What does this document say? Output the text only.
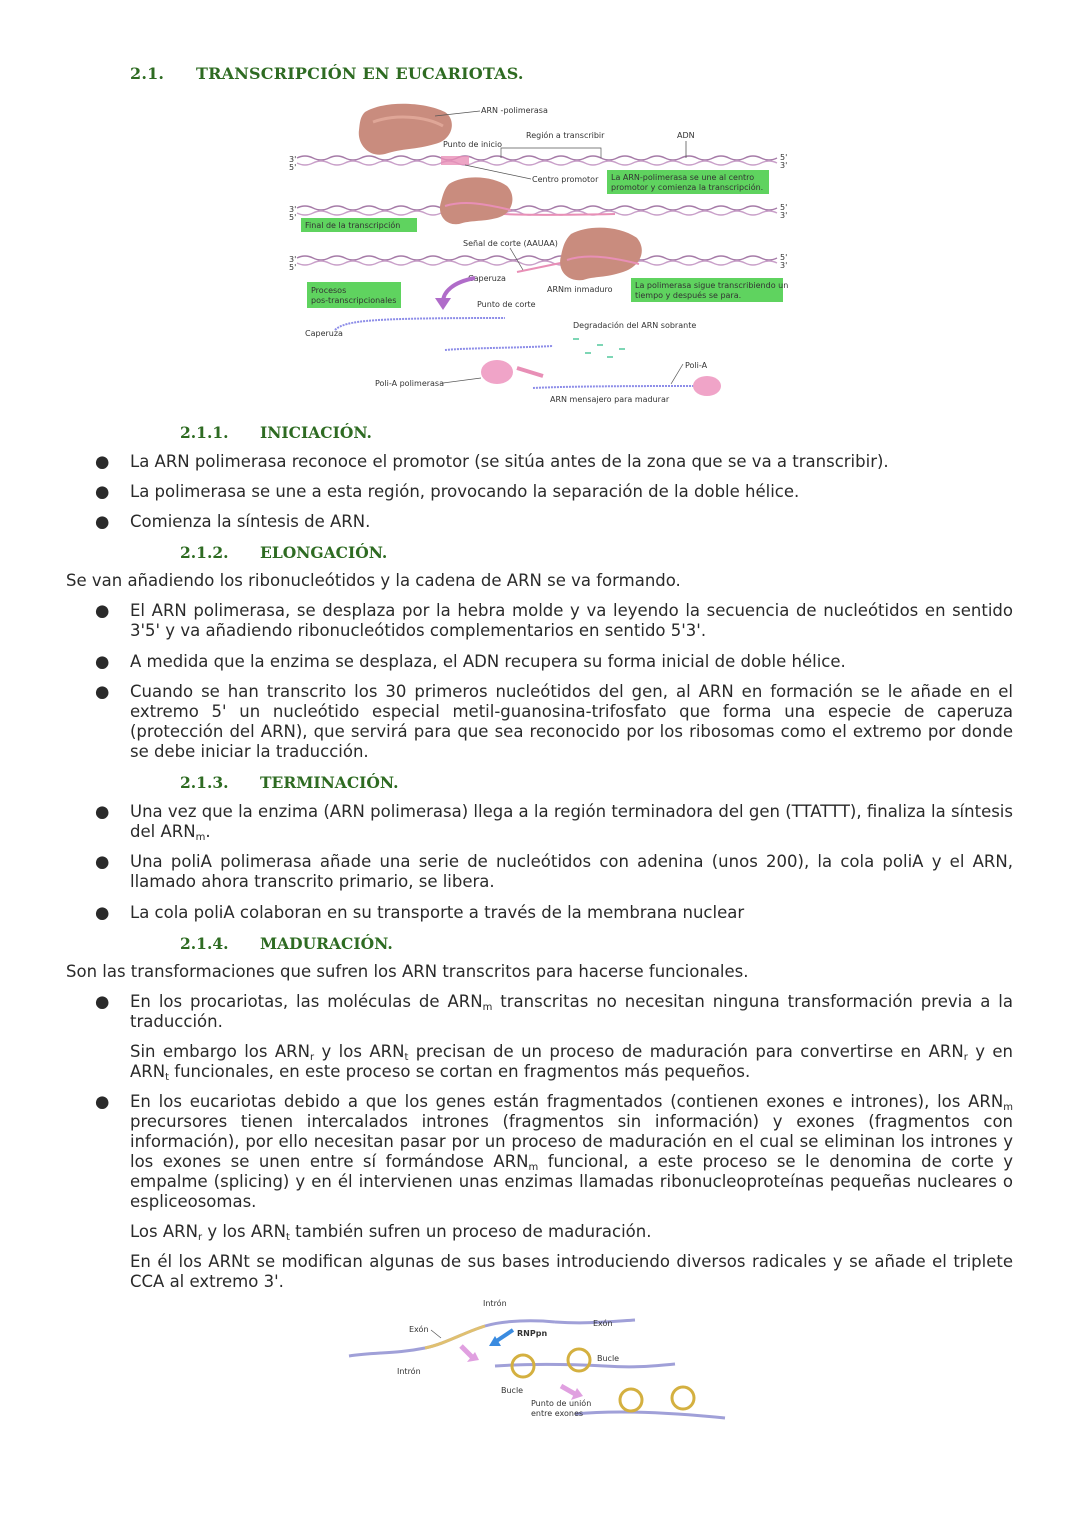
2.1. TRANSCRIPCIÓN EN EUCARIOTAS.
ARN -polimerasa
Punto de inicio
Región a transcribir	ADN
3'
5'
5'
3'
Centro promotor La ARN-polimerasa se une al centro
promotor y comienza la transcripción.
Final de la transcripción
3'
5'
5'
3'
Señal de corte (AAUAA)
Caperuza
ARNm inmaduro	La polimerasa sigue transcribiendo un
tiempo y después se para.
3'
5'
5'
3'
Procesos
pos-transcripcionales	Punto de corte
Caperuza
Degradación del ARN sobrante
Poli-A polimerasa
Poli-A
ARN mensajero para madurar
2.1.1. INICIACIÓN.
●	La ARN polimerasa reconoce el promotor (se sitúa antes de la zona que se va a transcribir).
●	La polimerasa se une a esta región, provocando la separación de la doble hélice.
●	Comienza la síntesis de ARN.
2.1.2. ELONGACIÓN.
Se van añadiendo los ribonucleótidos y la cadena de ARN se va formando.
●	El ARN polimerasa, se desplaza por la hebra molde y va leyendo la secuencia de nucleótidos en sentido 3'5' y va añadiendo ribonucleótidos complementarios en sentido 5'3'.
●	A medida que la enzima se desplaza, el ADN recupera su forma inicial de doble hélice.
●	Cuando se han transcrito los 30 primeros nucleótidos del gen, al ARN en formación se le añade en el extremo 5' un nucleótido especial metil-guanosina-trifosfato que forma una especie de caperuza (protección del ARN), que servirá para que sea reconocido por los ribosomas como el extremo por donde se debe iniciar la traducción.
2.1.3. TERMINACIÓN.
●	Una vez que la enzima (ARN polimerasa) llega a la región terminadora del gen (TTATTT), finaliza la síntesis del $ARN_m$.
●	Una poliA polimerasa añade una serie de nucleótidos con adenina (unos 200), la cola poliA y el ARN, llamado ahora transcrito primario, se libera.
●	La cola poliA colaboran en su transporte a través de la membrana nuclear
2.1.4. MADURACIÓN.
Son las transformaciones que sufren los ARN transcritos para hacerse funcionales.
●	En los procariotas, las moléculas de $ARN_m$ transcritas no necesitan ninguna transformación previa a la traducción.
Sin embargo los $ARN_r$ y los $ARN_t$ precisan de un proceso de maduración para convertirse en $ARN_r$ y en $ARN_t$ funcionales, en este proceso se cortan en fragmentos más pequeños.
●	En los eucariotas debido a que los genes están fragmentados (contienen exones e intrones), los $ARN_m$ precursores tienen intercalados intrones (fragmentos sin información) y exones (fragmentos con información), por ello necesitan pasar por un proceso de maduración en el cual se eliminan los intrones y los exones se unen entre sí formándose $ARN_m$ funcional, a este proceso se le denomina de corte y empalme (splicing) y en él intervienen unas enzimas llamadas ribonucleoproteínas pequeñas nucleares o espliceosomas.
Los $ARN_r$ y los $ARN_t$ también sufren un proceso de maduración.
En él los ARNt se modifican algunas de sus bases introduciendo diversos radicales y se añade el triplete CCA al extremo 3'.
Intrón
Exón	RNPpn
Exón
Intrón
Bucle
Bucle
Punto de unión
entre exones
